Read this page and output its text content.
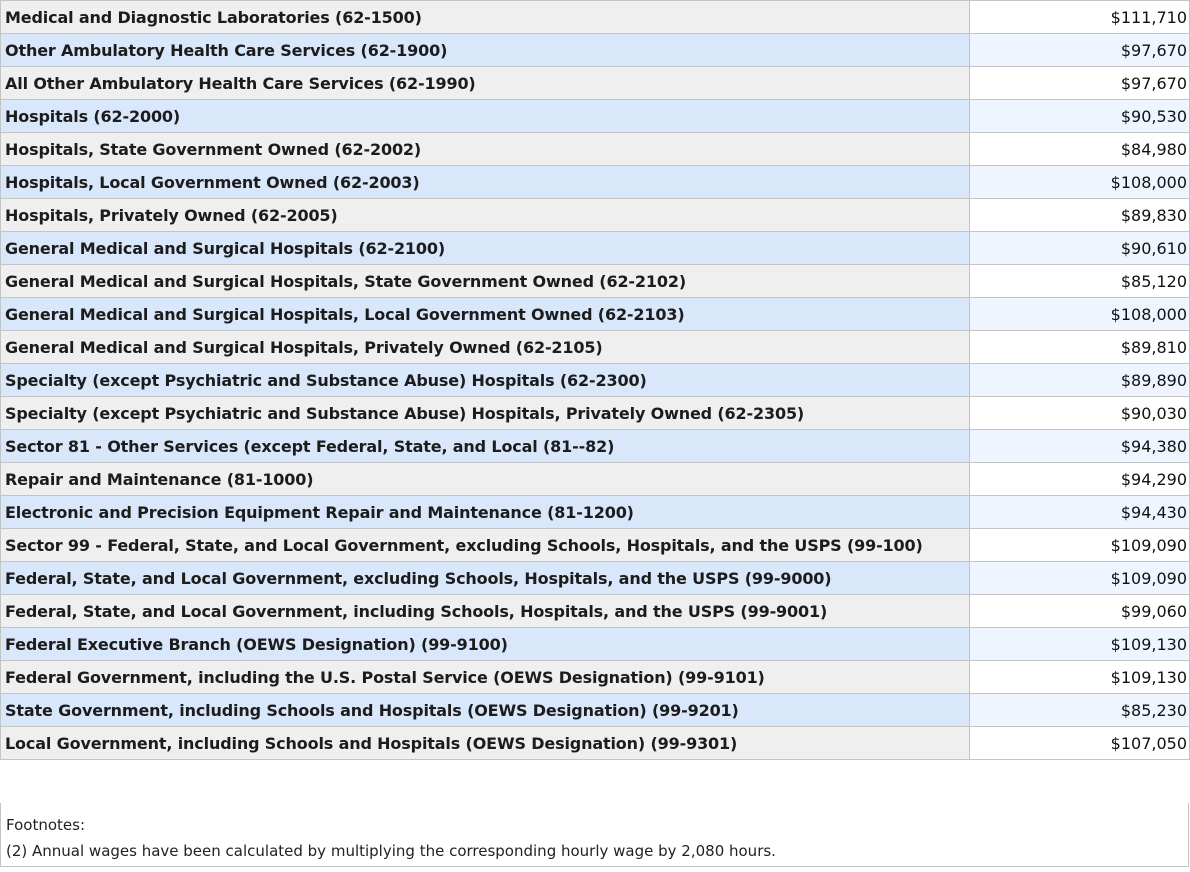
Medical and Diagnostic Laboratories (62-1500)	$111,710
Other Ambulatory Health Care Services (62-1900)	$97,670
All Other Ambulatory Health Care Services (62-1990)	$97,670
Hospitals (62-2000)	$90,530
Hospitals, State Government Owned (62-2002)	$84,980
Hospitals, Local Government Owned (62-2003)	$108,000
Hospitals, Privately Owned (62-2005)	$89,830
General Medical and Surgical Hospitals (62-2100)	$90,610
General Medical and Surgical Hospitals, State Government Owned (62-2102)	$85,120
General Medical and Surgical Hospitals, Local Government Owned (62-2103)	$108,000
General Medical and Surgical Hospitals, Privately Owned (62-2105)	$89,810
Specialty (except Psychiatric and Substance Abuse) Hospitals (62-2300)	$89,890
Specialty (except Psychiatric and Substance Abuse) Hospitals, Privately Owned (62-2305)	$90,030
Sector 81 - Other Services (except Federal, State, and Local (81--82)	$94,380
Repair and Maintenance (81-1000)	$94,290
Electronic and Precision Equipment Repair and Maintenance (81-1200)	$94,430
Sector 99 - Federal, State, and Local Government, excluding Schools, Hospitals, and the USPS (99-100)	$109,090
Federal, State, and Local Government, excluding Schools, Hospitals, and the USPS (99-9000)	$109,090
Federal, State, and Local Government, including Schools, Hospitals, and the USPS (99-9001)	$99,060
Federal Executive Branch (OEWS Designation) (99-9100)	$109,130
Federal Government, including the U.S. Postal Service (OEWS Designation) (99-9101)	$109,130
State Government, including Schools and Hospitals (OEWS Designation) (99-9201)	$85,230
Local Government, including Schools and Hospitals (OEWS Designation) (99-9301)	$107,050
Footnotes:
(2) Annual wages have been calculated by multiplying the corresponding hourly wage by 2,080 hours.
